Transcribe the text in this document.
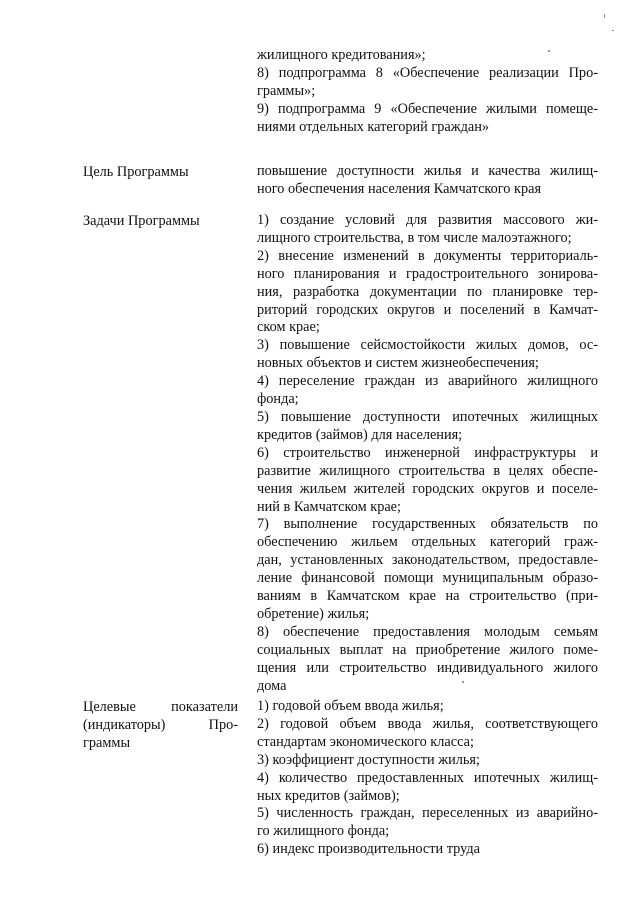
жилищного кредитования»;
8) подпрограмма 8 «Обеспечение реализации Про-
граммы»;
9) подпрограмма 9 «Обеспечение жилыми помеще-
ниями отдельных категорий граждан»
Цель Программы	повышение доступности жилья и качества жилищ-
ного обеспечения населения Камчатского края
Задачи Программы	1) создание условий для развития массового жи-
лищного строительства, в том числе малоэтажного;
2) внесение изменений в документы территориаль-
ного планирования и градостроительного зонирова-
ния, разработка документации по планировке тер-
риторий городских округов и поселений в Камчат-
ском крае;
3) повышение сейсмостойкости жилых домов, ос-
новных объектов и систем жизнеобеспечения;
4) переселение граждан из аварийного жилищного
фонда;
5) повышение доступности ипотечных жилищных
кредитов (займов) для населения;
6) строительство инженерной инфраструктуры и
развитие жилищного строительства в целях обеспе-
чения жильем жителей городских округов и поселе-
ний в Камчатском крае;
7) выполнение государственных обязательств по
обеспечению жильем отдельных категорий граж-
дан, установленных законодательством, предоставле-
ление финансовой помощи муниципальным образо-
ваниям в Камчатском крае на строительство (при-
обретение) жилья;
8) обеспечение предоставления молодым семьям
социальных выплат на приобретение жилого поме-
щения или строительство индивидуального жилого
дома
Целевые показатели
(индикаторы) Про-
граммы
1) годовой объем ввода жилья;
2) годовой объем ввода жилья, соответствующего
стандартам экономического класса;
3) коэффициент доступности жилья;
4) количество предоставленных ипотечных жилищ-
ных кредитов (займов);
5) численность граждан, переселенных из аварийно-
го жилищного фонда;
6) индекс производительности труда
